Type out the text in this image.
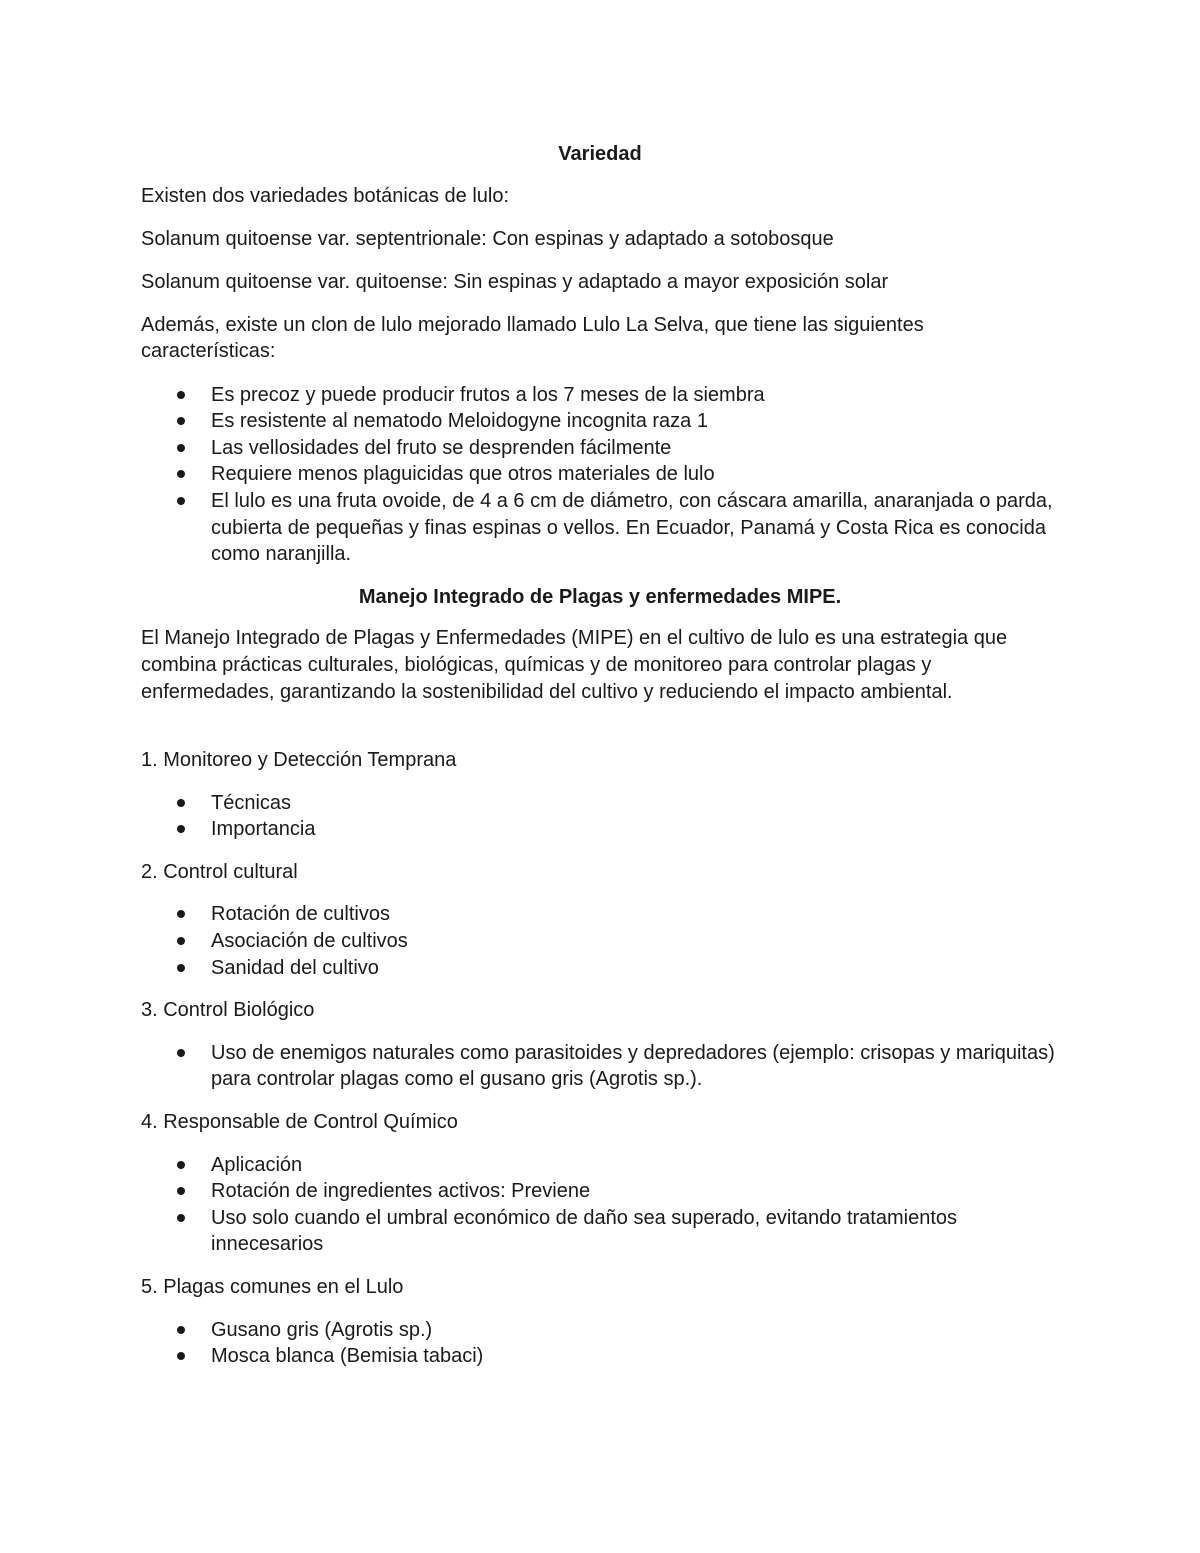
Variedad

Existen dos variedades botánicas de lulo:

Solanum quitoense var. septentrionale: Con espinas y adaptado a sotobosque

Solanum quitoense var. quitoense: Sin espinas y adaptado a mayor exposición solar

Además, existe un clon de lulo mejorado llamado Lulo La Selva, que tiene las siguientes características:

Es precoz y puede producir frutos a los 7 meses de la siembra
Es resistente al nematodo Meloidogyne incognita raza 1
Las vellosidades del fruto se desprenden fácilmente
Requiere menos plaguicidas que otros materiales de lulo
El lulo es una fruta ovoide, de 4 a 6 cm de diámetro, con cáscara amarilla, anaranjada o parda, cubierta de pequeñas y finas espinas o vellos. En Ecuador, Panamá y Costa Rica es conocida como naranjilla.
Manejo Integrado de Plagas y enfermedades MIPE.

El Manejo Integrado de Plagas y Enfermedades (MIPE) en el cultivo de lulo es una estrategia que combina prácticas culturales, biológicas, químicas y de monitoreo para controlar plagas y enfermedades, garantizando la sostenibilidad del cultivo y reduciendo el impacto ambiental.

1. Monitoreo y Detección Temprana

Técnicas
Importancia

2. Control cultural

Rotación de cultivos
Asociación de cultivos
Sanidad del cultivo

3. Control Biológico

Uso de enemigos naturales como parasitoides y depredadores (ejemplo: crisopas y mariquitas) para controlar plagas como el gusano gris (Agrotis sp.).

4. Responsable de Control Químico

Aplicación
Rotación de ingredientes activos: Previene
Uso solo cuando el umbral económico de daño sea superado, evitando tratamientos innecesarios

5. Plagas comunes en el Lulo

Gusano gris (Agrotis sp.)
Mosca blanca (Bemisia tabaci)
